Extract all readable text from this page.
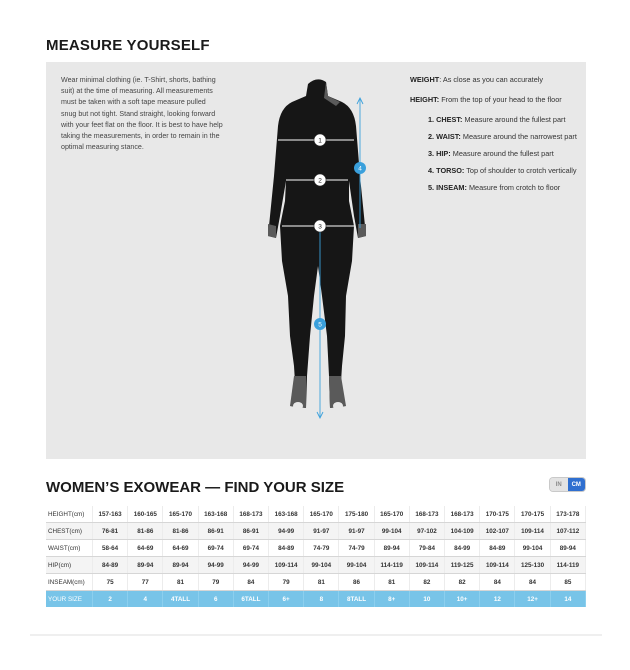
MEASURE YOURSELF
Wear minimal clothing (ie. T-Shirt, shorts, bathing suit) at the time of measuring. All measurements must be taken with a soft tape measure pulled snug but not tight. Stand straight, looking forward with your feet flat on the floor. It is best to have help taking the measurements, in order to remain in the optimal measuring stance.
1
2
3
4
5
WEIGHT: As close as you can accurately
HEIGHT: From the top of your head to the floor
1. CHEST: Measure around the fullest part
2. WAIST: Measure around the narrowest part
3. HIP: Measure around the fullest part
4. TORSO: Top of shoulder to crotch vertically
5. INSEAM: Measure from crotch to floor
WOMEN’S EXOWEAR — FIND YOUR SIZE	IN	CM
HEIGHT(cm)	157-163	160-165	165-170	163-168	168-173	163-168	165-170	175-180	165-170	168-173	168-173	170-175	170-175	173-178
CHEST(cm)	76-81	81-86	81-86	86-91	86-91	94-99	91-97	91-97	99-104	97-102	104-109	102-107	109-114	107-112
WAIST(cm)	58-64	64-69	64-69	69-74	69-74	84-89	74-79	74-79	89-94	79-84	84-99	84-89	99-104	89-94
HIP(cm)	84-89	89-94	89-94	94-99	94-99	109-114	99-104	99-104	114-119	109-114	119-125	109-114	125-130	114-119
INSEAM(cm)	75	77	81	79	84	79	81	86	81	82	82	84	84	85
YOUR SIZE	2	4	4TALL	6	6TALL	6+	8	8TALL	8+	10	10+	12	12+	14
